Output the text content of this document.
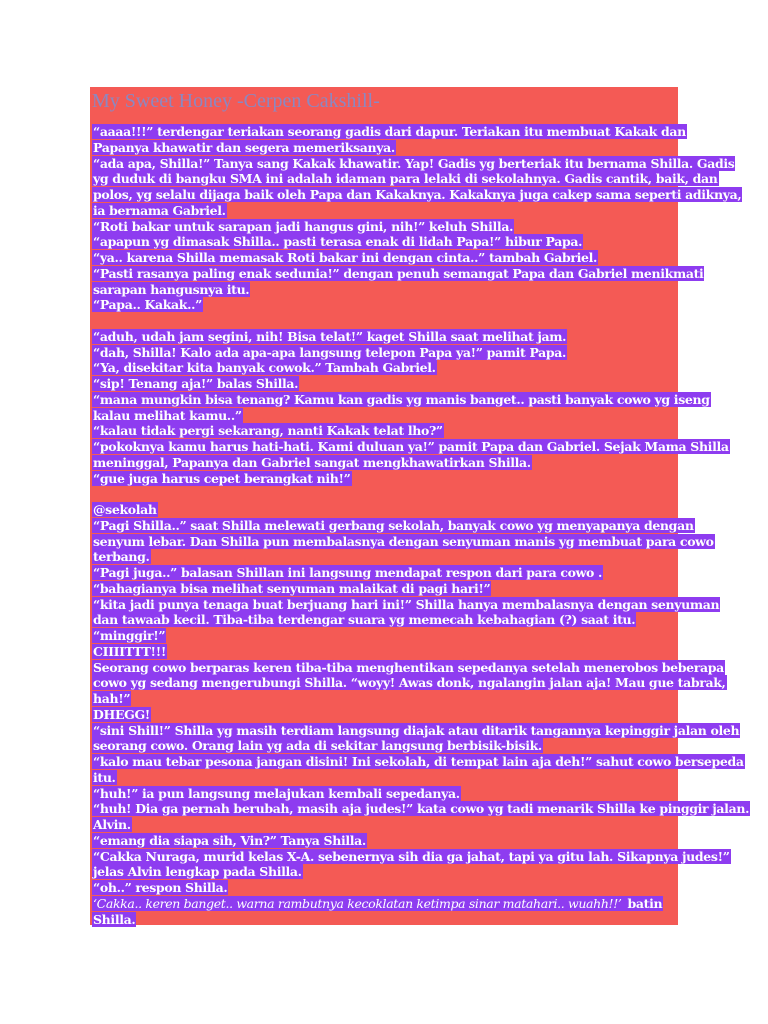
My Sweet Honey -Cerpen Cakshill-
“aaaa!!!” terdengar teriakan seorang gadis dari dapur. Teriakan itu membuat Kakak dan
Papanya khawatir dan segera memeriksanya.
“ada apa, Shilla!” Tanya sang Kakak khawatir. Yap! Gadis yg berteriak itu bernama Shilla. Gadis
yg duduk di bangku SMA ini adalah idaman para lelaki di sekolahnya. Gadis cantik, baik, dan
polos, yg selalu dijaga baik oleh Papa dan Kakaknya. Kakaknya juga cakep sama seperti adiknya,
ia bernama Gabriel.
“Roti bakar untuk sarapan jadi hangus gini, nih!” keluh Shilla.
“apapun yg dimasak Shilla.. pasti terasa enak di lidah Papa!” hibur Papa.
“ya.. karena Shilla memasak Roti bakar ini dengan cinta..” tambah Gabriel.
“Pasti rasanya paling enak sedunia!” dengan penuh semangat Papa dan Gabriel menikmati
sarapan hangusnya itu.
“Papa.. Kakak..”
“aduh, udah jam segini, nih! Bisa telat!” kaget Shilla saat melihat jam.
“dah, Shilla! Kalo ada apa-apa langsung telepon Papa ya!” pamit Papa.
“Ya, disekitar kita banyak cowok.” Tambah Gabriel.
“sip! Tenang aja!” balas Shilla.
“mana mungkin bisa tenang? Kamu kan gadis yg manis banget.. pasti banyak cowo yg iseng
kalau melihat kamu..”
“kalau tidak pergi sekarang, nanti Kakak telat lho?”
“pokoknya kamu harus hati-hati. Kami duluan ya!” pamit Papa dan Gabriel. Sejak Mama Shilla
meninggal, Papanya dan Gabriel sangat mengkhawatirkan Shilla.
“gue juga harus cepet berangkat nih!”
@sekolah
“Pagi Shilla..” saat Shilla melewati gerbang sekolah, banyak cowo yg menyapanya dengan
senyum lebar. Dan Shilla pun membalasnya dengan senyuman manis yg membuat para cowo
terbang.
“Pagi juga..” balasan Shillan ini langsung mendapat respon dari para cowo .
“bahagianya bisa melihat senyuman malaikat di pagi hari!”
“kita jadi punya tenaga buat berjuang hari ini!” Shilla hanya membalasnya dengan senyuman
dan tawaab kecil. Tiba-tiba terdengar suara yg memecah kebahagian (?) saat itu.
“minggir!”
CIIIITTT!!!
Seorang cowo berparas keren tiba-tiba menghentikan sepedanya setelah menerobos beberapa
cowo yg sedang mengerubungi Shilla. “woyy! Awas donk, ngalangin jalan aja! Mau gue tabrak,
hah!”
DHEGG!
“sini Shill!” Shilla yg masih terdiam langsung diajak atau ditarik tangannya kepinggir jalan oleh
seorang cowo. Orang lain yg ada di sekitar langsung berbisik-bisik.
“kalo mau tebar pesona jangan disini! Ini sekolah, di tempat lain aja deh!” sahut cowo bersepeda
itu.
“huh!” ia pun langsung melajukan kembali sepedanya.
“huh! Dia ga pernah berubah, masih aja judes!” kata cowo yg tadi menarik Shilla ke pinggir jalan.
Alvin.
“emang dia siapa sih, Vin?” Tanya Shilla.
“Cakka Nuraga, murid kelas X-A. sebenernya sih dia ga jahat, tapi ya gitu lah. Sikapnya judes!”
jelas Alvin lengkap pada Shilla.
“oh..” respon Shilla.
‘Cakka.. keren banget.. warna rambutnya kecoklatan ketimpa sinar matahari.. wuahh!!’ batin
Shilla.
